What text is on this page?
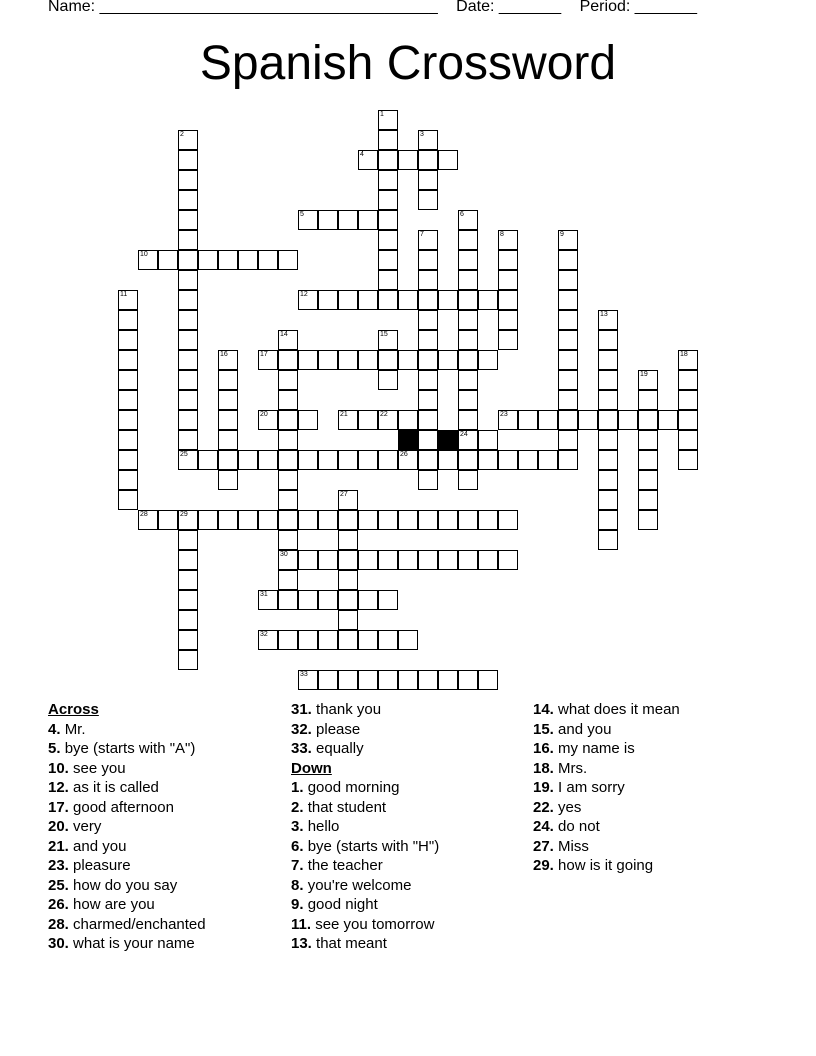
Name: ______________________________________ Date: _______ Period: _______
Spanish Crossword
1
2	3
4
5	6
24
7	8	9
10
11	12
13
14
30
15
16	17	18
19
20	21	22	23
25	26
27
28	29
31
32
33
Across
4. Mr.
5. bye (starts with "A")
10. see you
12. as it is called
17. good afternoon
20. very
21. and you
23. pleasure
25. how do you say
26. how are you
28. charmed/enchanted
30. what is your name
31. thank you
32. please
33. equally
Down
1. good morning
2. that student
3. hello
6. bye (starts with "H")
7. the teacher
8. you're welcome
9. good night
11. see you tomorrow
13. that meant
14. what does it mean
15. and you
16. my name is
18. Mrs.
19. I am sorry
22. yes
24. do not
27. Miss
29. how is it going
